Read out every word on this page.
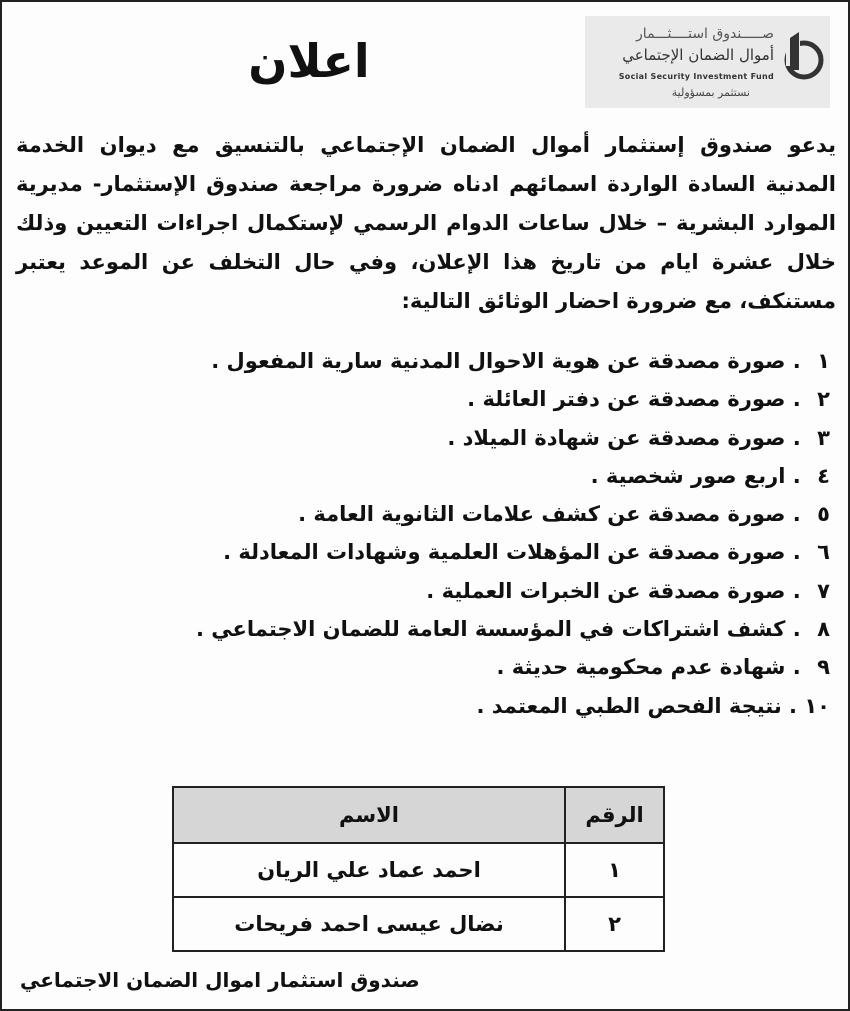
صـــــندوق استــــثـــمار
أموال الضمان الإجتماعي
Social Security Investment Fund
نستثمر بمسؤولية
اعلان
يدعو صندوق إستثمار أموال الضمان الإجتماعي بالتنسيق مع ديوان الخدمة المدنية السادة الواردة اسمائهم ادناه ضرورة مراجعة صندوق الإستثمار- مديرية الموارد البشرية – خلال ساعات الدوام الرسمي لإستكمال اجراءات التعيين وذلك خلال عشرة ايام من تاريخ هذا الإعلان، وفي حال التخلف عن الموعد يعتبر مستنكف، مع ضرورة احضار الوثائق التالية:
١ . صورة مصدقة عن هوية الاحوال المدنية سارية المفعول .
٢ . صورة مصدقة عن دفتر العائلة .
٣ . صورة مصدقة عن شهادة الميلاد .
٤ . اربع صور شخصية .
٥ . صورة مصدقة عن كشف علامات الثانوية العامة .
٦ . صورة مصدقة عن المؤهلات العلمية وشهادات المعادلة .
٧ . صورة مصدقة عن الخبرات العملية .
٨ . كشف اشتراكات في المؤسسة العامة للضمان الاجتماعي .
٩ . شهادة عدم محكومية حديثة .
١٠ . نتيجة الفحص الطبي المعتمد .
الرقم	الاسم
١	احمد عماد علي الريان
٢	نضال عيسى احمد فريحات
صندوق استثمار اموال الضمان الاجتماعي
